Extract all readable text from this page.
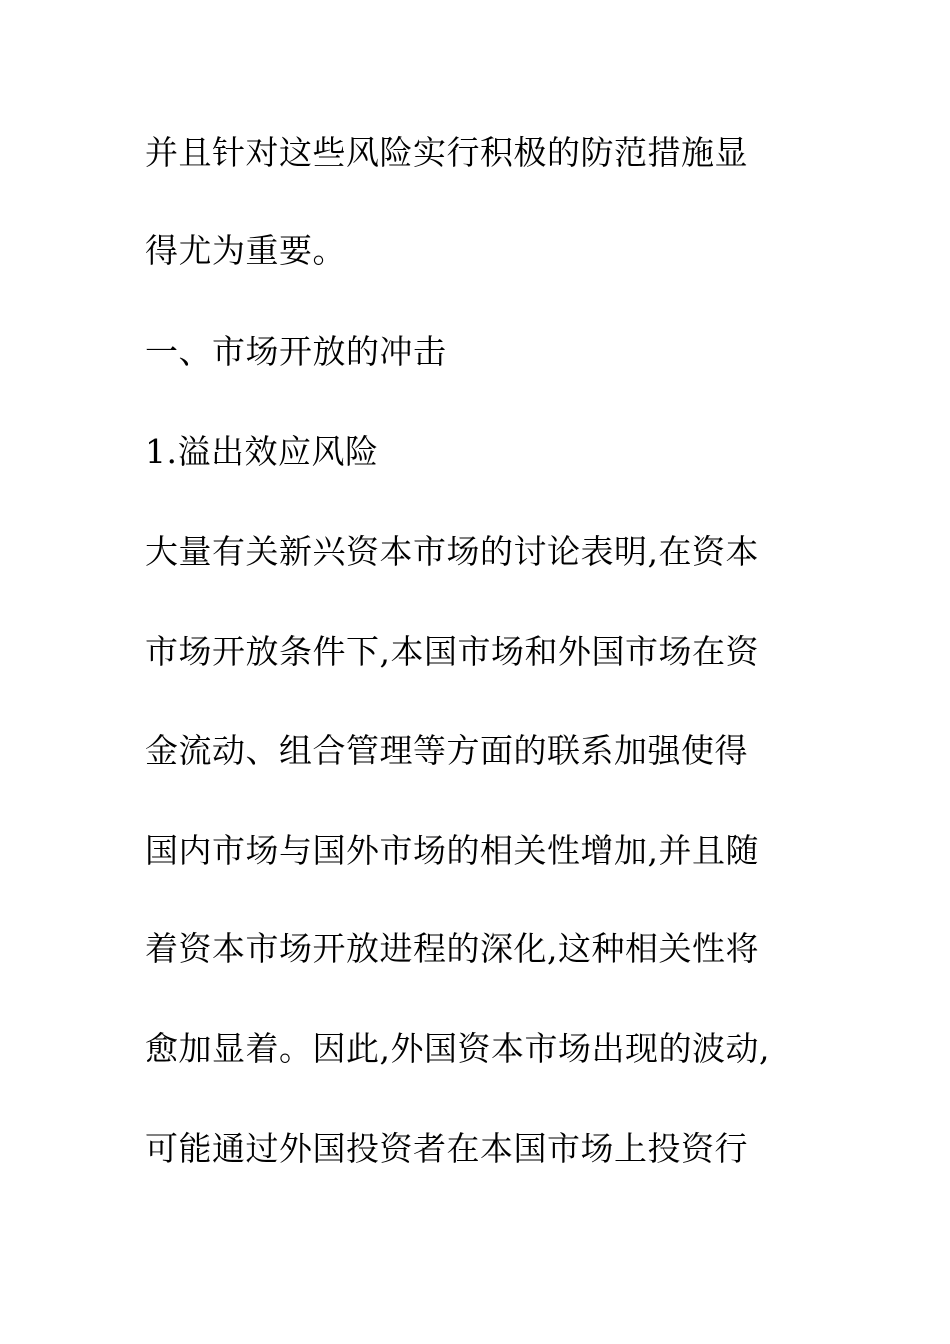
并且针对这些风险实行积极的防范措施显
得尤为重要。
一、市场开放的冲击
1.溢出效应风险
大量有关新兴资本市场的讨论表明,在资本
市场开放条件下,本国市场和外国市场在资
金流动、组合管理等方面的联系加强使得
国内市场与国外市场的相关性增加,并且随
着资本市场开放进程的深化,这种相关性将
愈加显着。因此,外国资本市场出现的波动,
可能通过外国投资者在本国市场上投资行
